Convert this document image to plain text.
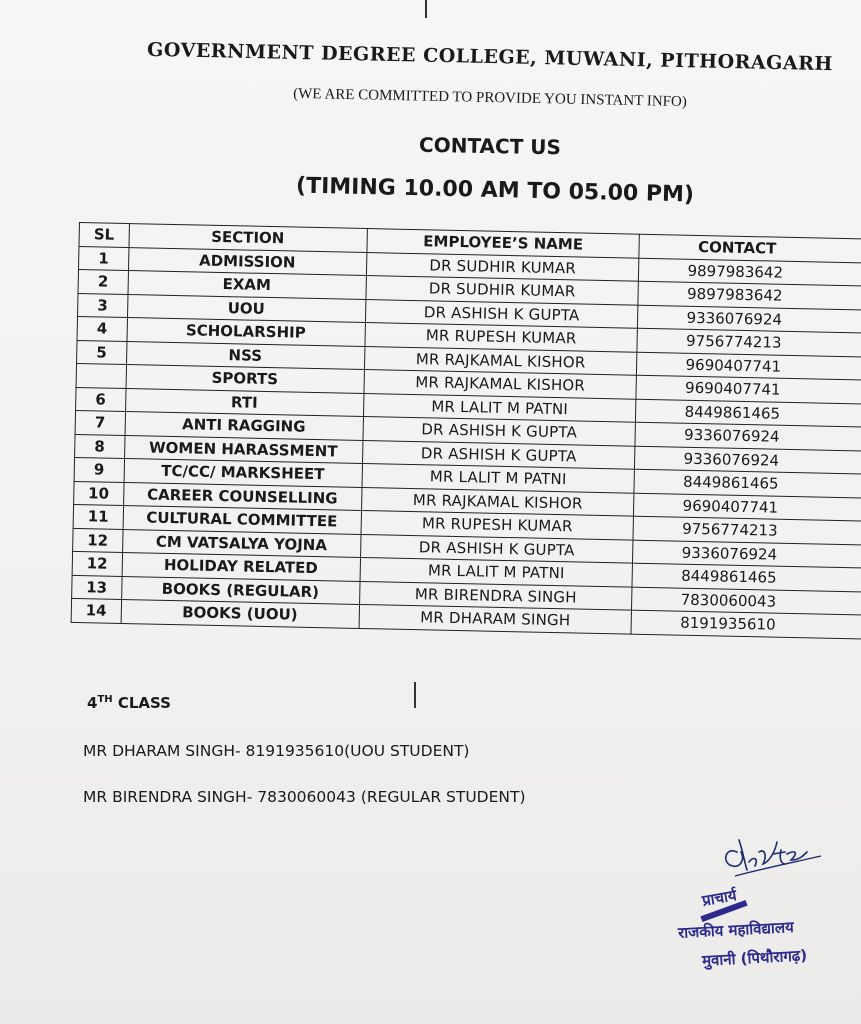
GOVERNMENT DEGREE COLLEGE, MUWANI, PITHORAGARH
(WE ARE COMMITTED TO PROVIDE YOU INSTANT INFO)
CONTACT US
(TIMING 10.00 AM TO 05.00 PM)
SL	SECTION	EMPLOYEE’S NAME	CONTACT
1	ADMISSION	DR SUDHIR KUMAR	9897983642
2	EXAM	DR SUDHIR KUMAR	9897983642
3	UOU	DR ASHISH K GUPTA	9336076924
4	SCHOLARSHIP	MR RUPESH KUMAR	9756774213
5	NSS	MR RAJKAMAL KISHOR	9690407741
	SPORTS	MR RAJKAMAL KISHOR	9690407741
6	RTI	MR LALIT M PATNI	8449861465
7	ANTI RAGGING	DR ASHISH K GUPTA	9336076924
8	WOMEN HARASSMENT	DR ASHISH K GUPTA	9336076924
9	TC/CC/ MARKSHEET	MR LALIT M PATNI	8449861465
10	CAREER COUNSELLING	MR RAJKAMAL KISHOR	9690407741
11	CULTURAL COMMITTEE	MR RUPESH KUMAR	9756774213
12	CM VATSALYA YOJNA	DR ASHISH K GUPTA	9336076924
12	HOLIDAY RELATED	MR LALIT M PATNI	8449861465
13	BOOKS (REGULAR)	MR BIRENDRA SINGH	7830060043
14	BOOKS (UOU)	MR DHARAM SINGH	8191935610
4TH CLASS
MR DHARAM SINGH- 8191935610(UOU STUDENT)
MR BIRENDRA SINGH- 7830060043 (REGULAR STUDENT)
प्राचार्य
राजकीय महाविद्यालय
मुवानी (पिथौरागढ़)
